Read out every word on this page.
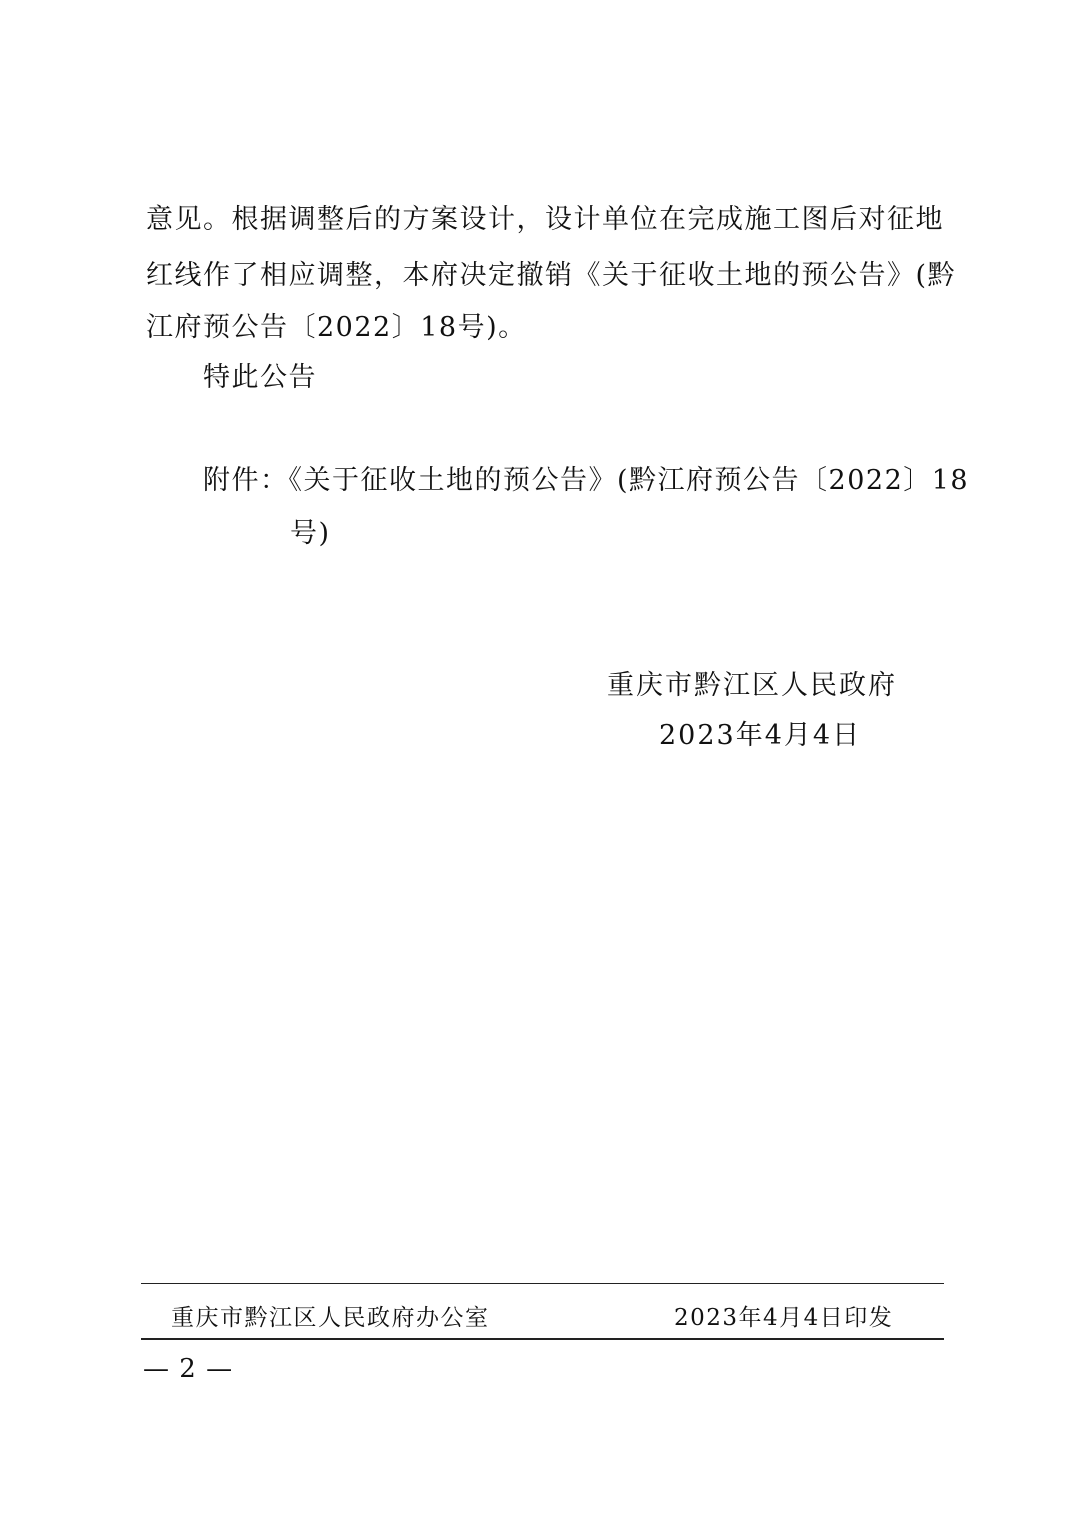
意见。根据调整后的方案设计，设计单位在完成施工图后对征地
红线作了相应调整，本府决定撤销《关于征收土地的预公告》(黔
江府预公告〔2022〕18号)。
特此公告
附件：《关于征收土地的预公告》(黔江府预公告〔2022〕18
号)
重庆市黔江区人民政府
2023年4月4日
重庆市黔江区人民政府办公室	2023年4月4日印发
— 2 —
